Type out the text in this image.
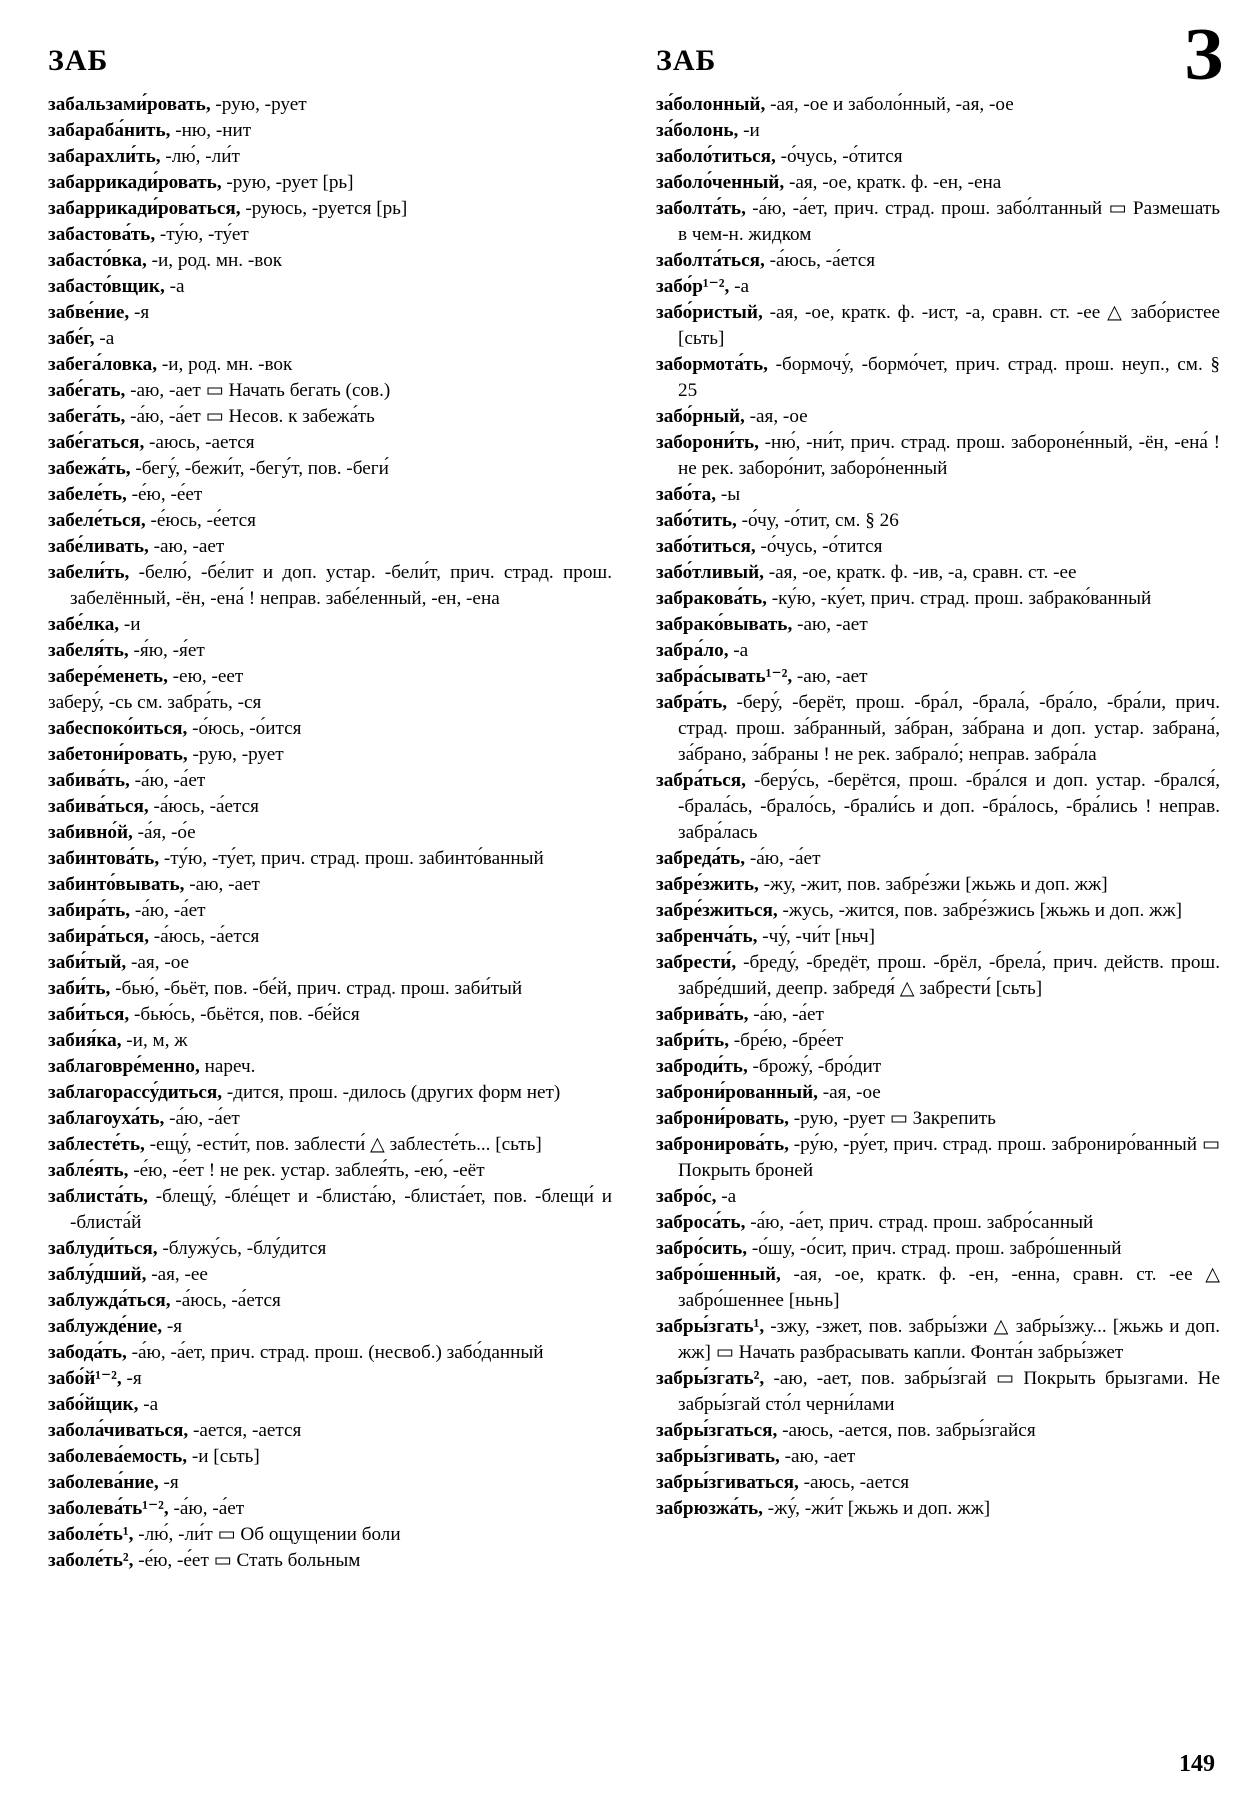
ЗАБ	ЗАБ	З
забальзами́ровать, -рую, -рует
забараба́нить, -ню, -нит
забарахли́ть, -лю́, -ли́т
забаррикади́ровать, -рую, -рует [рь]
забаррикади́роваться, -руюсь, -руется [рь]
забастова́ть, -ту́ю, -ту́ет
забасто́вка, -и, род. мн. -вок
забасто́вщик, -а
забве́ние, -я
забе́г, -а
забега́ловка, -и, род. мн. -вок
забе́гать, -аю, -ает ▭ Начать бегать (сов.)
забега́ть, -а́ю, -а́ет ▭ Несов. к забежа́ть
забе́гаться, -аюсь, -ается
забежа́ть, -бегу́, -бежи́т, -бегу́т, пов. -беги́
забеле́ть, -е́ю, -е́ет
забеле́ться, -е́юсь, -е́ется
забе́ливать, -аю, -ает
забели́ть, -белю́, -бе́лит и доп. устар. -бели́т, прич. страд. прош. забелённый, -ён, -ена́ ! неправ. забе́ленный, -ен, -ена
забе́лка, -и
забеля́ть, -я́ю, -я́ет
забере́менеть, -ею, -еет
заберу́, -сь см. забра́ть, -ся
забеспоко́иться, -о́юсь, -о́ится
забетони́ровать, -рую, -рует
забива́ть, -а́ю, -а́ет
забива́ться, -а́юсь, -а́ется
забивно́й, -а́я, -о́е
забинтова́ть, -ту́ю, -ту́ет, прич. страд. прош. забинто́ванный
забинто́вывать, -аю, -ает
забира́ть, -а́ю, -а́ет
забира́ться, -а́юсь, -а́ется
заби́тый, -ая, -ое
заби́ть, -бью́, -бьёт, пов. -бе́й, прич. страд. прош. заби́тый
заби́ться, -бью́сь, -бьётся, пов. -бе́йся
забия́ка, -и, м, ж
заблаговре́менно, нареч.
заблагорассу́диться, -дится, прош. -дилось (других форм нет)
заблагоуха́ть, -а́ю, -а́ет
заблесте́ть, -ещу́, -ести́т, пов. заблести́ △ заблесте́ть... [сьть]
забле́ять, -е́ю, -е́ет ! не рек. устар. заблея́ть, -ею́, -еёт
заблиста́ть, -блещу́, -бле́щет и -блиста́ю, -блиста́ет, пов. -блещи́ и -блиста́й
заблуди́ться, -блужу́сь, -блу́дится
заблу́дший, -ая, -ее
заблужда́ться, -а́юсь, -а́ется
заблужде́ние, -я
забода́ть, -а́ю, -а́ет, прич. страд. прош. (несвоб.) забо́данный
забо́й¹⁻², -я
забо́йщик, -а
забола́чиваться, -ается, -ается
заболева́емость, -и [сьть]
заболева́ние, -я
заболева́ть¹⁻², -а́ю, -а́ет
заболе́ть¹, -лю́, -ли́т ▭ Об ощущении боли
заболе́ть², -е́ю, -е́ет ▭ Стать больным
за́болонный, -ая, -ое и заболо́нный, -ая, -ое
за́болонь, -и
заболо́титься, -о́чусь, -о́тится
заболо́ченный, -ая, -ое, кратк. ф. -ен, -ена
заболта́ть, -а́ю, -а́ет, прич. страд. прош. забо́лтанный ▭ Размешать в чем-н. жидком
заболта́ться, -а́юсь, -а́ется
забо́р¹⁻², -а
забо́ристый, -ая, -ое, кратк. ф. -ист, -а, сравн. ст. -ее △ забо́ристее [сьть]
забормота́ть, -бормочу́, -бормо́чет, прич. страд. прош. неуп., см. § 25
забо́рный, -ая, -ое
заборони́ть, -ню́, -ни́т, прич. страд. прош. забороне́нный, -ён, -ена́ ! не рек. заборо́нит, заборо́ненный
забо́та, -ы
забо́тить, -о́чу, -о́тит, см. § 26
забо́титься, -о́чусь, -о́тится
забо́тливый, -ая, -ое, кратк. ф. -ив, -а, сравн. ст. -ее
забракова́ть, -ку́ю, -ку́ет, прич. страд. прош. забрако́ванный
забрако́вывать, -аю, -ает
забра́ло, -а
забра́сывать¹⁻², -аю, -ает
забра́ть, -беру́, -берёт, прош. -бра́л, -брала́, -бра́ло, -бра́ли, прич. страд. прош. за́бранный, за́бран, за́брана и доп. устар. забрана́, за́брано, за́браны ! не рек. забрало́; неправ. забра́ла
забра́ться, -беру́сь, -берётся, прош. -бра́лся и доп. устар. -брался́, -брала́сь, -брало́сь, -брали́сь и доп. -бра́лось, -бра́лись ! неправ. забра́лась
забреда́ть, -а́ю, -а́ет
забре́зжить, -жу, -жит, пов. забре́зжи [жьжь и доп. жж]
забре́зжиться, -жусь, -жится, пов. забре́зжись [жьжь и доп. жж]
забренча́ть, -чу́, -чи́т [ньч]
забрести́, -бреду́, -бредёт, прош. -брёл, -брела́, прич. действ. прош. забре́дший, деепр. забредя́ △ забрести́ [сьть]
забрива́ть, -а́ю, -а́ет
забри́ть, -бре́ю, -бре́ет
заброди́ть, -брожу́, -бро́дит
заброни́рованный, -ая, -ое
заброни́ровать, -рую, -рует ▭ Закрепить
забронирова́ть, -ру́ю, -ру́ет, прич. страд. прош. заброниро́ванный ▭ Покрыть броней
забро́с, -а
заброса́ть, -а́ю, -а́ет, прич. страд. прош. забро́санный
забро́сить, -о́шу, -о́сит, прич. страд. прош. забро́шенный
забро́шенный, -ая, -ое, кратк. ф. -ен, -енна, сравн. ст. -ее △ забро́шеннее [ньнь]
забры́згать¹, -зжу, -зжет, пов. забры́зжи △ забры́зжу... [жьжь и доп. жж] ▭ Начать разбрасывать капли. Фонта́н забры́зжет
забры́згать², -аю, -ает, пов. забры́згай ▭ Покрыть брызгами. Не забры́згай сто́л черни́лами
забры́згаться, -аюсь, -ается, пов. забры́згайся
забры́згивать, -аю, -ает
забры́згиваться, -аюсь, -ается
забрюзжа́ть, -жу́, -жи́т [жьжь и доп. жж]
149
